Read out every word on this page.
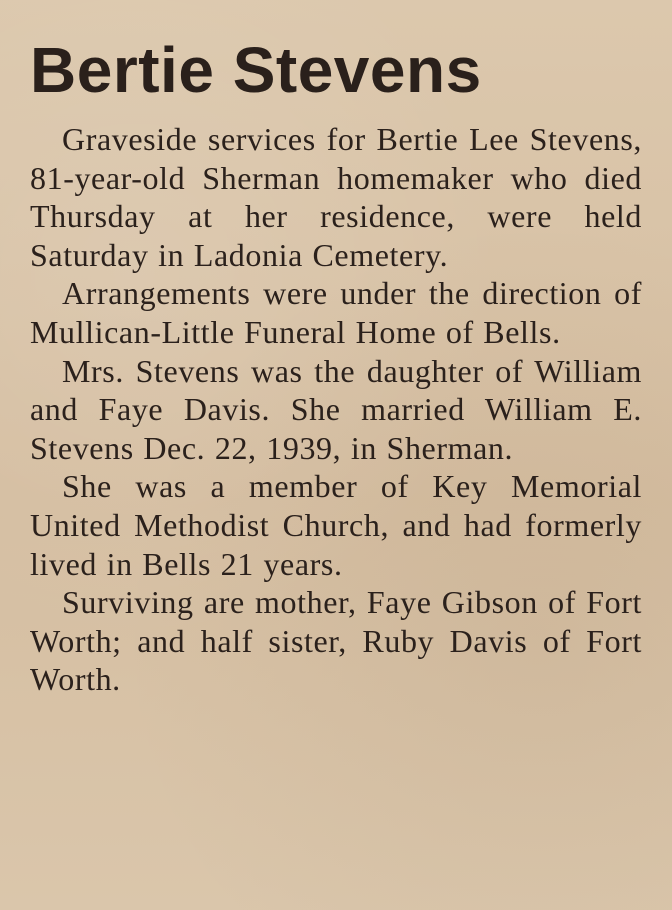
Bertie Stevens

Graveside services for Bertie Lee Stevens, 81-year-old Sherman homemaker who died Thursday at her residence, were held Saturday in Ladonia Cemetery.

Arrangements were under the direction of Mullican-Little Funeral Home of Bells.

Mrs. Stevens was the daughter of William and Faye Davis. She married William E. Stevens Dec. 22, 1939, in Sherman.

She was a member of Key Memorial United Methodist Church, and had formerly lived in Bells 21 years.

Surviving are mother, Faye Gibson of Fort Worth; and half sister, Ruby Davis of Fort Worth.
